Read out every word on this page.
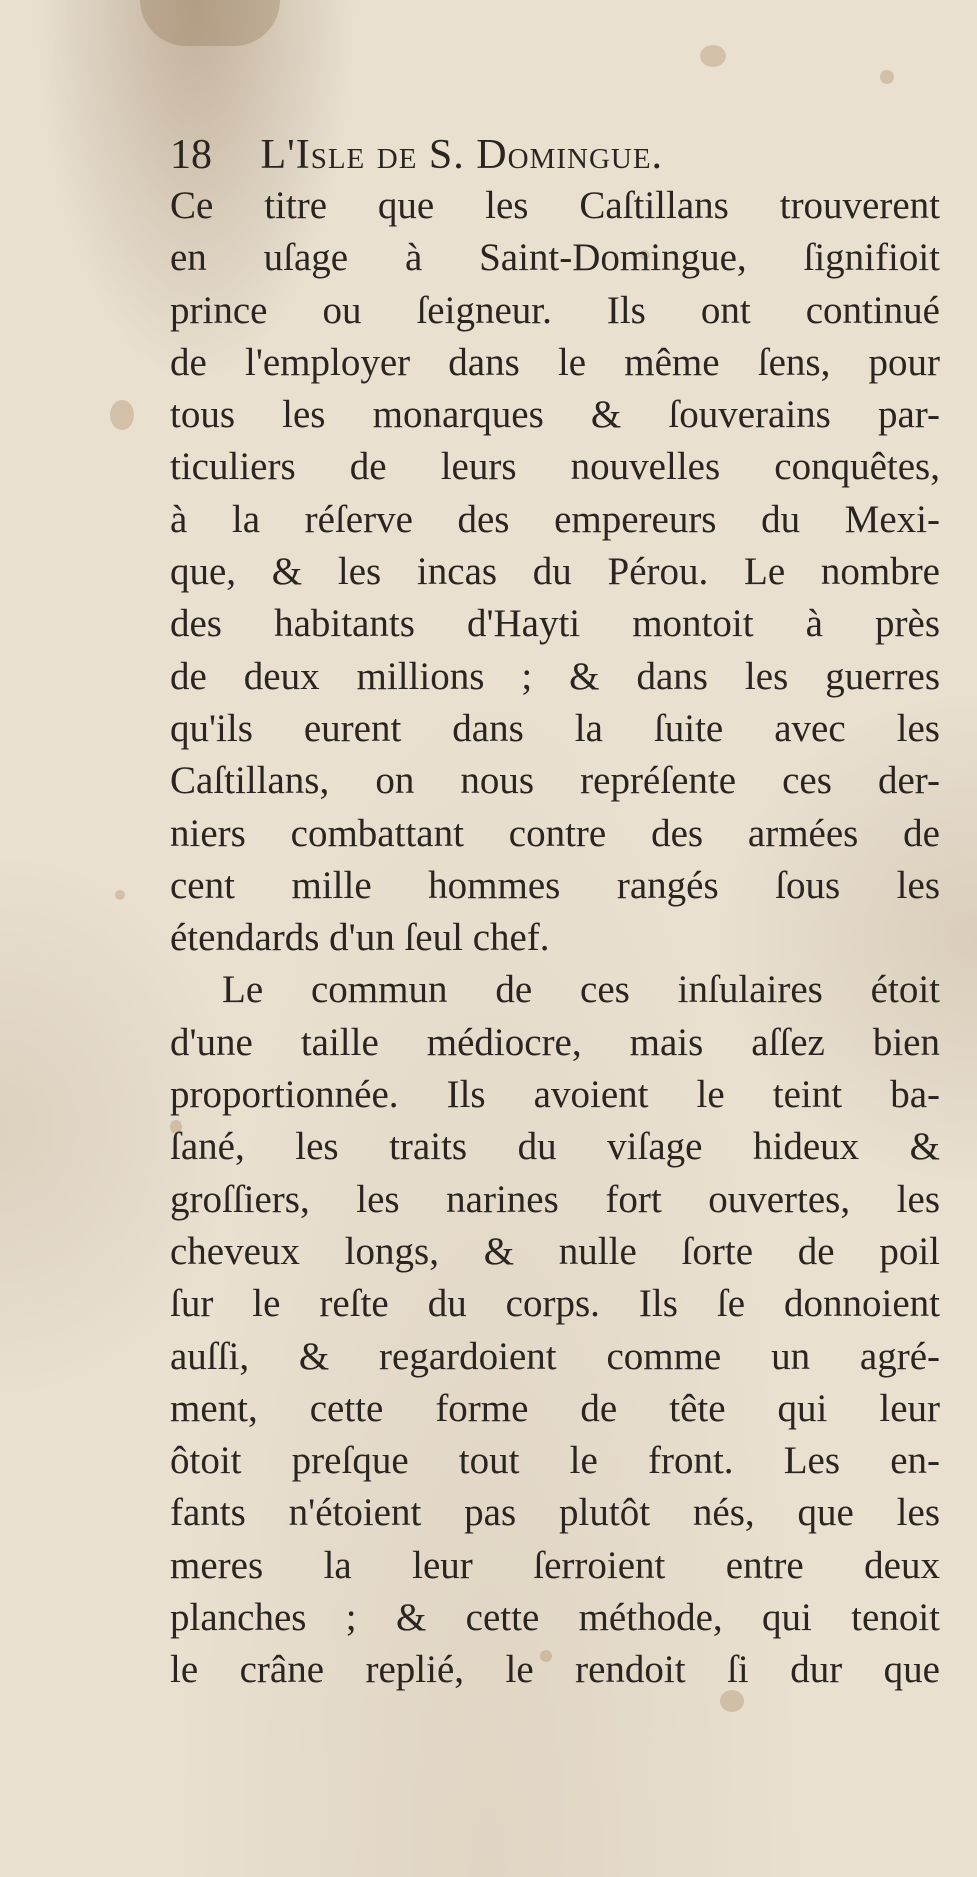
18 L'Isle de S. Domingue.
Ce titre que les Caſtillans trouverent
en uſage à Saint-Domingue, ſignifioit
prince ou ſeigneur. Ils ont continué
de l'employer dans le même ſens, pour
tous les monarques & ſouverains par-
ticuliers de leurs nouvelles conquêtes,
à la réſerve des empereurs du Mexi-
que, & les incas du Pérou. Le nombre
des habitants d'Hayti montoit à près
de deux millions ; & dans les guerres
qu'ils eurent dans la ſuite avec les
Caſtillans, on nous repréſente ces der-
niers combattant contre des armées de
cent mille hommes rangés ſous les
étendards d'un ſeul chef.
Le commun de ces inſulaires étoit
d'une taille médiocre, mais aſſez bien
proportionnée. Ils avoient le teint ba-
ſané, les traits du viſage hideux &
groſſiers, les narines fort ouvertes, les
cheveux longs, & nulle ſorte de poil
ſur le reſte du corps. Ils ſe donnoient
auſſi, & regardoient comme un agré-
ment, cette forme de tête qui leur
ôtoit preſque tout le front. Les en-
fants n'étoient pas plutôt nés, que les
meres la leur ſerroient entre deux
planches ; & cette méthode, qui tenoit
le crâne replié, le rendoit ſi dur que
